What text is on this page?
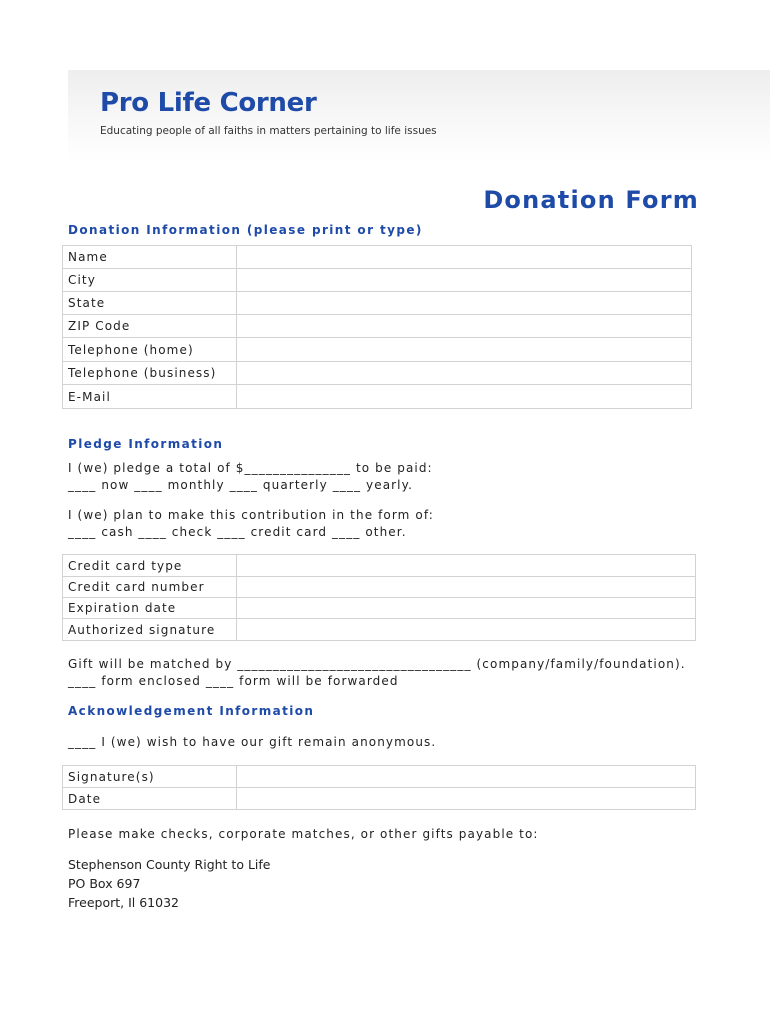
Pro Life Corner
Educating people of all faiths in matters pertaining to life issues
Donation Form
Donation Information (please print or type)
Name	
City	
State	
ZIP Code	
Telephone (home)	
Telephone (business)	
E-Mail	
Pledge Information
I (we) pledge a total of $_______________ to be paid:
____ now ____ monthly ____ quarterly ____ yearly.
I (we) plan to make this contribution in the form of:
____ cash ____ check ____ credit card ____ other.
Credit card type	
Credit card number	
Expiration date	
Authorized signature	
Gift will be matched by _________________________________ (company/family/foundation).
____ form enclosed ____ form will be forwarded
Acknowledgement Information
____ I (we) wish to have our gift remain anonymous.
Signature(s)	
Date	
Please make checks, corporate matches, or other gifts payable to:
Stephenson County Right to Life
PO Box 697
Freeport, Il 61032
